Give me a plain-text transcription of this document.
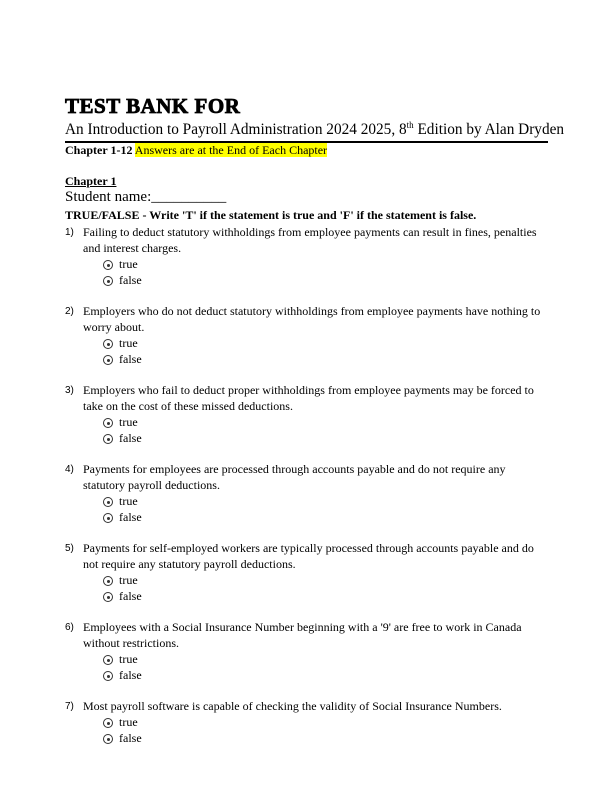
TEST BANK FOR
An Introduction to Payroll Administration 2024 2025, 8th Edition by Alan Dryden
Chapter 1-12 Answers are at the End of Each Chapter
Chapter 1
Student name:__________
TRUE/FALSE - Write 'T' if the statement is true and 'F' if the statement is false.
1) Failing to deduct statutory withholdings from employee payments can result in fines, penalties and interest charges.
true
false
2) Employers who do not deduct statutory withholdings from employee payments have nothing to worry about.
true
false
3) Employers who fail to deduct proper withholdings from employee payments may be forced to take on the cost of these missed deductions.
true
false
4) Payments for employees are processed through accounts payable and do not require any statutory payroll deductions.
true
false
5) Payments for self-employed workers are typically processed through accounts payable and do not require any statutory payroll deductions.
true
false
6) Employees with a Social Insurance Number beginning with a '9' are free to work in Canada without restrictions.
true
false
7) Most payroll software is capable of checking the validity of Social Insurance Numbers.
true
false
